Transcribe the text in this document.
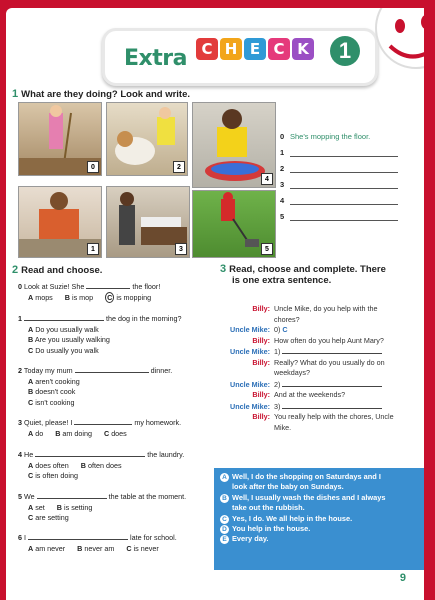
Extra C H E C K	1
1 What are they doing? Look and write.
0	2
4
1	3	5
0 She's mopping the floor.
1
2
3
4
5
2 Read and choose.
0 Look at Suzie! She	the floor!
A mops B is mop C is mopping
1	the dog in the morning?
A Do you usually walk
B Are you usually walking
C Do usually you walk
2 Today my mum	dinner.
A aren't cooking
B doesn't cook
C isn't cooking
3 Quiet, please! I	my homework.
A do B am doing C does
4 He	the laundry.
A does often B often does
C is often doing
5 We	the table at the moment.
A set B is setting
C are setting
6 I	late for school.
A am never B never am C is never
3 Read, choose and complete. There
is one extra sentence.
Billy: Uncle Mike, do you help with the
chores?
Uncle Mike: 0) C
Billy: How often do you help Aunt Mary?
Uncle Mike: 1)
Billy: Really? What do you usually do on
weekdays?
Uncle Mike: 2)
Billy: And at the weekends?
Uncle Mike: 3)
Billy: You really help with the chores, Uncle
Mike.
A Well, I do the shopping on Saturdays and I
look after the baby on Sundays.
B Well, I usually wash the dishes and I always
take out the rubbish.
C Yes, I do. We all help in the house.
D You help in the house.
E Every day.
9
